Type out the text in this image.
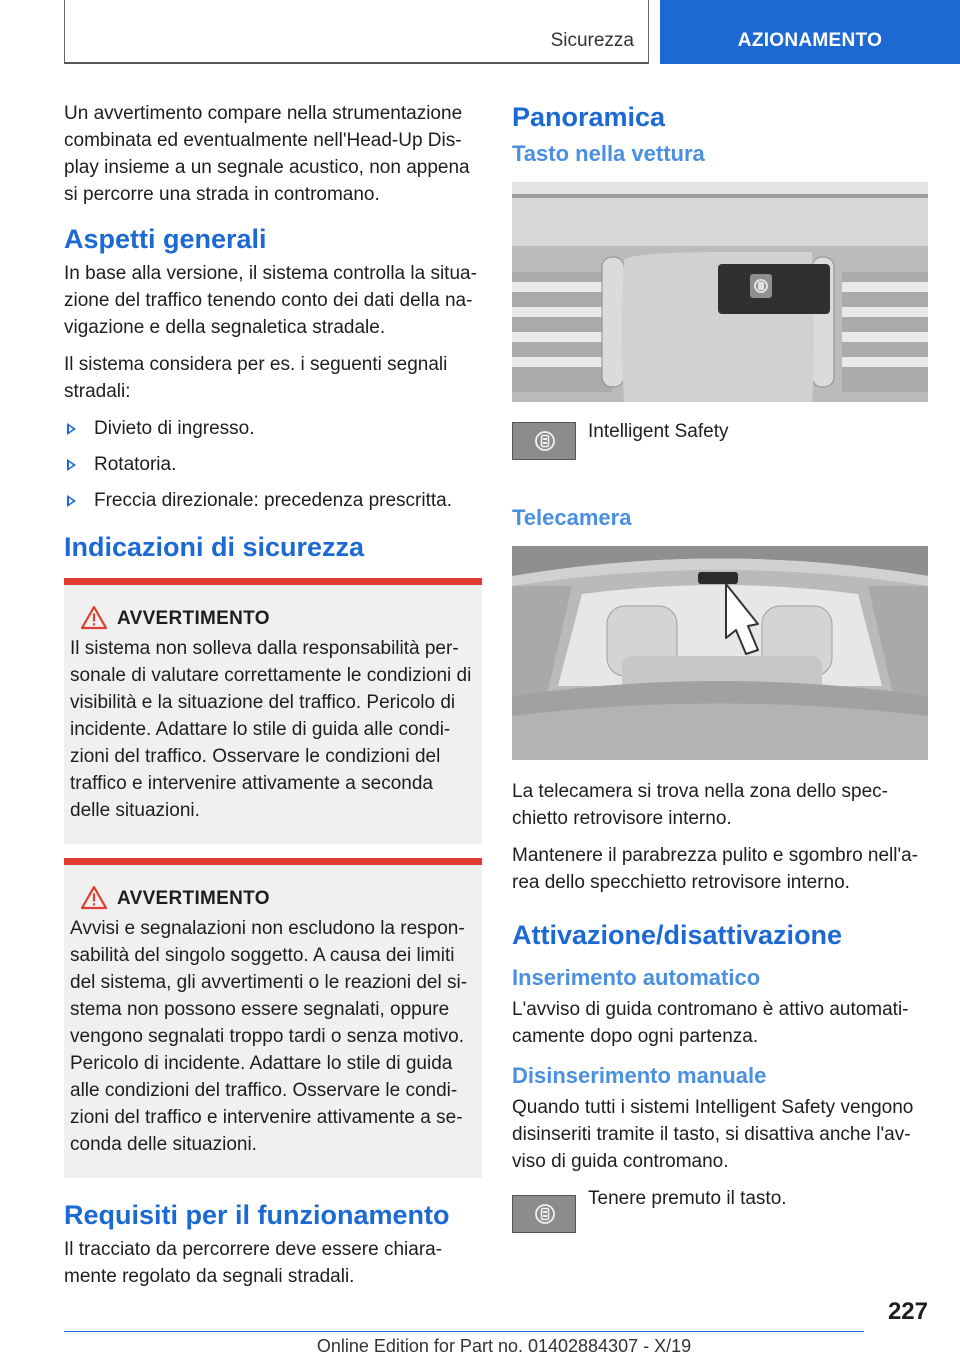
Sicurezza	AZIONAMENTO

Un avvertimento compare nella strumentazione combinata ed eventualmente nell'Head-Up Dis-play insieme a un segnale acustico, non appena si percorre una strada in contromano.

Aspetti generali

In base alla versione, il sistema controlla la situa-zione del traffico tenendo conto dei dati della na-vigazione e della segnaletica stradale.

Il sistema considera per es. i seguenti segnali stradali:

Divieto di ingresso.
Rotatoria.
Freccia direzionale: precedenza prescritta.
Indicazioni di sicurezza
AVVERTIMENTO

Il sistema non solleva dalla responsabilità per-sonale di valutare correttamente le condizioni di visibilità e la situazione del traffico. Pericolo di incidente. Adattare lo stile di guida alle condi-zioni del traffico. Osservare le condizioni del traffico e intervenire attivamente a seconda delle situazioni.

AVVERTIMENTO

Avvisi e segnalazioni non escludono la respon-sabilità del singolo soggetto. A causa dei limiti del sistema, gli avvertimenti o le reazioni del si-stema non possono essere segnalati, oppure vengono segnalati troppo tardi o senza motivo. Pericolo di incidente. Adattare lo stile di guida alle condizioni del traffico. Osservare le condi-zioni del traffico e intervenire attivamente a se-conda delle situazioni.

Requisiti per il funzionamento

Il tracciato da percorrere deve essere chiara-mente regolato da segnali stradali.

Panoramica
Tasto nella vettura
Intelligent Safety
Telecamera

La telecamera si trova nella zona dello spec-chietto retrovisore interno.

Mantenere il parabrezza pulito e sgombro nell'a-rea dello specchietto retrovisore interno.

Attivazione/disattivazione
Inserimento automatico

L'avviso di guida contromano è attivo automati-camente dopo ogni partenza.

Disinserimento manuale

Quando tutti i sistemi Intelligent Safety vengono disinseriti tramite il tasto, si disattiva anche l'av-viso di guida contromano.

Tenere premuto il tasto.
227
Online Edition for Part no. 01402884307 - X/19
